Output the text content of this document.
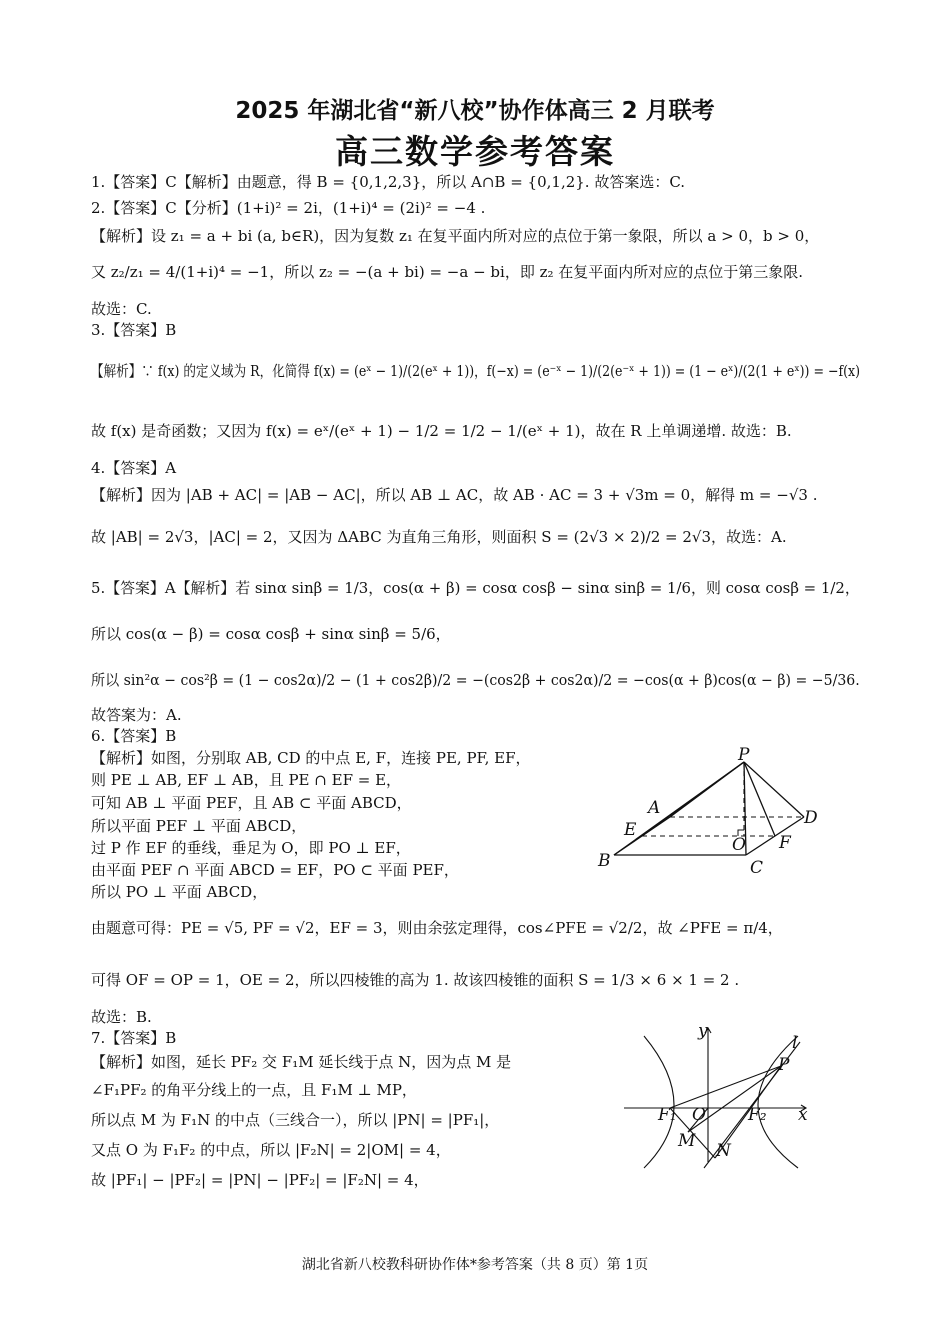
2025 年湖北省“新八校”协作体高三 2 月联考
高三数学参考答案
1.【答案】C【解析】由题意，得 B = {0,1,2,3}，所以 A∩B = {0,1,2}. 故答案选：C.
2.【答案】C【分析】(1+i)² = 2i，(1+i)⁴ = (2i)² = −4 .
【解析】设 z₁ = a + bi (a, b∈R)，因为复数 z₁ 在复平面内所对应的点位于第一象限，所以 a > 0，b > 0，
又 z₂/z₁ = 4/(1+i)⁴ = −1，所以 z₂ = −(a + bi) = −a − bi，即 z₂ 在复平面内所对应的点位于第三象限.
故选：C.
3.【答案】B
【解析】∵ f(x) 的定义域为 R，化简得 f(x) = (eˣ − 1)/(2(eˣ + 1))，f(−x) = (e⁻ˣ − 1)/(2(e⁻ˣ + 1)) = (1 − eˣ)/(2(1 + eˣ)) = −f(x)
故 f(x) 是奇函数；又因为 f(x) = eˣ/(eˣ + 1) − 1/2 = 1/2 − 1/(eˣ + 1)，故在 R 上单调递增. 故选：B.
4.【答案】A
【解析】因为 |AB + AC| = |AB − AC|，所以 AB ⊥ AC，故 AB · AC = 3 + √3m = 0，解得 m = −√3 .
故 |AB| = 2√3，|AC| = 2，又因为 ΔABC 为直角三角形，则面积 S = (2√3 × 2)/2 = 2√3，故选：A.
5.【答案】A【解析】若 sinα sinβ = 1/3，cos(α + β) = cosα cosβ − sinα sinβ = 1/6，则 cosα cosβ = 1/2，
所以 cos(α − β) = cosα cosβ + sinα sinβ = 5/6，
所以 sin²α − cos²β = (1 − cos2α)/2 − (1 + cos2β)/2 = −(cos2β + cos2α)/2 = −cos(α + β)cos(α − β) = −5/36.
故答案为：A.
6.【答案】B
【解析】如图，分别取 AB, CD 的中点 E, F，连接 PE, PF, EF，
则 PE ⊥ AB, EF ⊥ AB，且 PE ∩ EF = E，
可知 AB ⊥ 平面 PEF，且 AB ⊂ 平面 ABCD，
所以平面 PEF ⊥ 平面 ABCD，
过 P 作 EF 的垂线，垂足为 O，即 PO ⊥ EF，
由平面 PEF ∩ 平面 ABCD = EF，PO ⊂ 平面 PEF，
所以 PO ⊥ 平面 ABCD，
由题意可得：PE = √5, PF = √2，EF = 3，则由余弦定理得，cos∠PFE = √2/2，故 ∠PFE = π/4，
可得 OF = OP = 1，OE = 2，所以四棱锥的高为 1. 故该四棱锥的面积 S = 1/3 × 6 × 1 = 2 .
故选：B.
7.【答案】B
【解析】如图，延长 PF₂ 交 F₁M 延长线于点 N，因为点 M 是
∠F₁PF₂ 的角平分线上的一点，且 F₁M ⊥ MP，
所以点 M 为 F₁N 的中点（三线合一），所以 |PN| = |PF₁|，
又点 O 为 F₁F₂ 的中点，所以 |F₂N| = 2|OM| = 4，
故 |PF₁| − |PF₂| = |PN| − |PF₂| = |F₂N| = 4，
P
A	D
E
F
O
B	C
y
l
P
F₁ O F₂ x
M N
湖北省新八校教科研协作体*参考答案（共 8 页）第 1页
